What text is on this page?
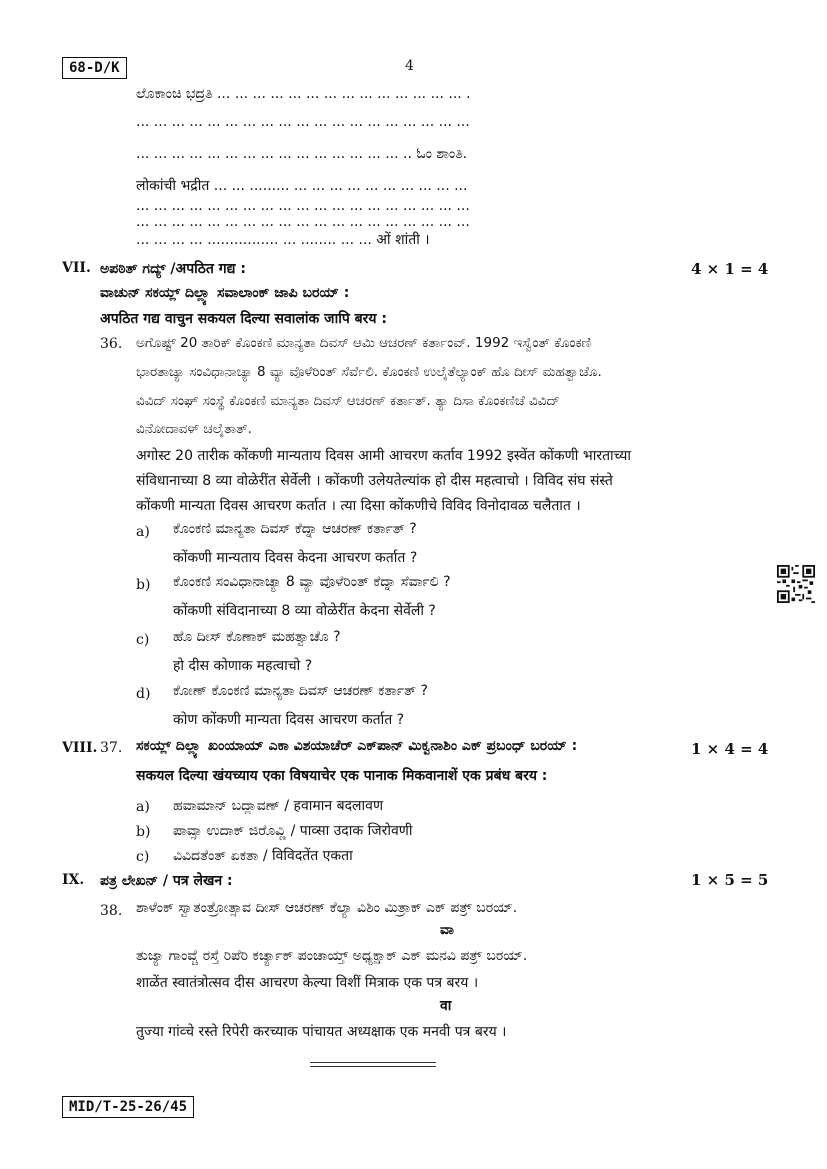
68-D/K	4
ಲೊಕಾಂಚಿ ಭದ್ರತಿ ... ... ... ... ... ... ... ... ... ... ... ... ... ... .
... ... ... ... ... ... ... ... ... ... ... ... ... ... ... ... ... ... ...
... ... ... ... ... ... ... ... ... ... ... ... ... ... ... .. ಓಂ ಶಾಂತಿ.
लोकांची भद्रीत ... ... ......... ... ... ... ... ... ... ... ... ... ...
... ... ... ... ... ... ... ... ... ... ... ... ... ... ... ... ... ... ...
... ... ... ... ... ... ... ... ... ... ... ... ... ... ... ... ... ... ...
... ... ... ... ................ ... ........ ... ... ओं शांती ।
VII. ಅಪಠಿತ್ ಗದ್ಯ್ /अपठित गद्य :	4 × 1 = 4
ವಾಚುನ್ ಸಕಯ್ಲ್ ದಿಲ್ಲ್ಯಾ ಸವಾಲಾಂಕ್ ಜಾಪಿ ಬರಯ್ :
अपठित गद्य वाचुन सकयल दिल्या सवालांक जापि बरय :
36. ಅಗೊಷ್ಟ್ 20 ತಾರಿಕ್ ಕೊಂಕಣಿ ಮಾನ್ಯತಾ ದಿವಸ್ ಆಮಿ ಆಚರಣ್ ಕರ್ತಾಂವ್. 1992 ಇಸ್ವೆಂತ್ ಕೊಂಕಣಿ
ಭಾರತಾಚ್ಯಾ ಸಂವಿಧಾನಾಚ್ಯಾ 8 ವ್ಯಾ ವೊಳೆರಿಂತ್ ಸೆರ್ವೆಲಿ. ಕೊಂಕಣಿ ಉಲೈತೆಲ್ಯಾಂಕ್ ಹೊ ದೀಸ್ ಮಹತ್ವಾಚೊ.
ವಿವಿದ್ ಸಂಘ್ ಸಂಸ್ಥೆ ಕೊಂಕಣಿ ಮಾನ್ಯತಾ ದಿವಸ್ ಆಚರಣ್ ಕರ್ತಾತ್. ತ್ಯಾ ದಿಸಾ ಕೊಂಕಣಿಚೆ ವಿವಿದ್
ವಿನೋದಾವಳ್ ಚಲೈತಾತ್.
अगोस्ट 20 तारीक कोंकणी मान्यताय दिवस आमी आचरण कर्ताव 1992 इस्वेंत कोंकणी भारताच्या
संविधानाच्या 8 व्या वोळेरींत सेर्वेली । कोंकणी उलेयतेल्यांक हो दीस महत्वाचो । विविद संघ संस्ते
कोंकणी मान्यता दिवस आचरण कर्तात । त्या दिसा कोंकणीचे विविद विनोदावळ चलैतात ।
a) ಕೊಂಕಣಿ ಮಾನ್ಯತಾ ದಿವಸ್ ಕೆದ್ನಾ ಆಚರಣ್ ಕರ್ತಾತ್ ?
कोंकणी मान्यताय दिवस केदना आचरण कर्तात ?
b) ಕೊಂಕಣಿ ಸಂವಿಧಾನಾಚ್ಯಾ 8 ವ್ಯಾ ವೊಳೆರಿಂತ್ ಕೆದ್ನಾ ಸೆರ್ವಾಲಿ ?
कोंकणी संविदानाच्या 8 व्या वोळेरींत केदना सेर्वेली ?
c) ಹೊ ದೀಸ್ ಕೊಣಾಕ್ ಮಹತ್ವಾಚೊ ?
हो दीस कोणाक महत्वाचो ?
d) ಕೋಣ್ ಕೊಂಕಣಿ ಮಾನ್ಯತಾ ದಿವಸ್ ಆಚರಣ್ ಕರ್ತಾತ್ ?
कोण कोंकणी मान्यता दिवस आचरण कर्तात ?
VIII. 37. ಸಕಯ್ಲ್ ದಿಲ್ಲ್ಯಾ ಖಂಯಾಯ್ ಎಕಾ ವಿಶಯಾಚೆರ್ ಎಕ್‌ಪಾನ್ ಮಿಕ್ವನಾಶಿಂ ಎಕ್ ಪ್ರಬಂಧ್ ಬರಯ್ :	1 × 4 = 4
सकयल दिल्या खंयच्याय एका विषयाचेर एक पानाक मिकवानाशें एक प्रबंध बरय :
a) ಹವಾಮಾನ್ ಬದ್ಲಾವಣ್ / हवामान बदलावण
b) ಪಾವ್ಸಾ ಉದಾಕ್ ಜಿರೊವ್ಣಿ / पाव्सा उदाक जिरोवणी
c) ವಿವಿದತೆಂತ್ ಏಕತಾ / विविदतेंत एकता
IX. ಪತ್ರ ಲೇಖನ್ / पत्र लेखन :	1 × 5 = 5
38. ಶಾಳೆಂಕ್ ಸ್ವಾತಂತ್ರೋತ್ಸಾವ ದೀಸ್ ಆಚರಣ್ ಕೆಲ್ಯಾ ವಿಶಿಂ ಮಿತ್ರಾಕ್ ಎಕ್ ಪತ್ರ್ ಬರಯ್.
ವಾ
ತುಜ್ಯಾ ಗಾಂವ್ಚೆ ರಸ್ತೆ ರಿಪೆರಿ ಕರ್ಚ್ಯಾಕ್ ಪಂಚಾಯ್ತ್ ಅಧ್ಯಕ್ಷಾಕ್ ಎಕ್ ಮನವಿ ಪತ್ರ್ ಬರಯ್.
शाळेंत स्वातंत्रोत्सव दीस आचरण केल्या विशीं मित्राक एक पत्र बरय ।
वा
तुज्या गांव्चे रस्ते रिपेरी करच्याक पांचायत अध्यक्षाक एक मनवी पत्र बरय ।
MID/T-25-26/45
